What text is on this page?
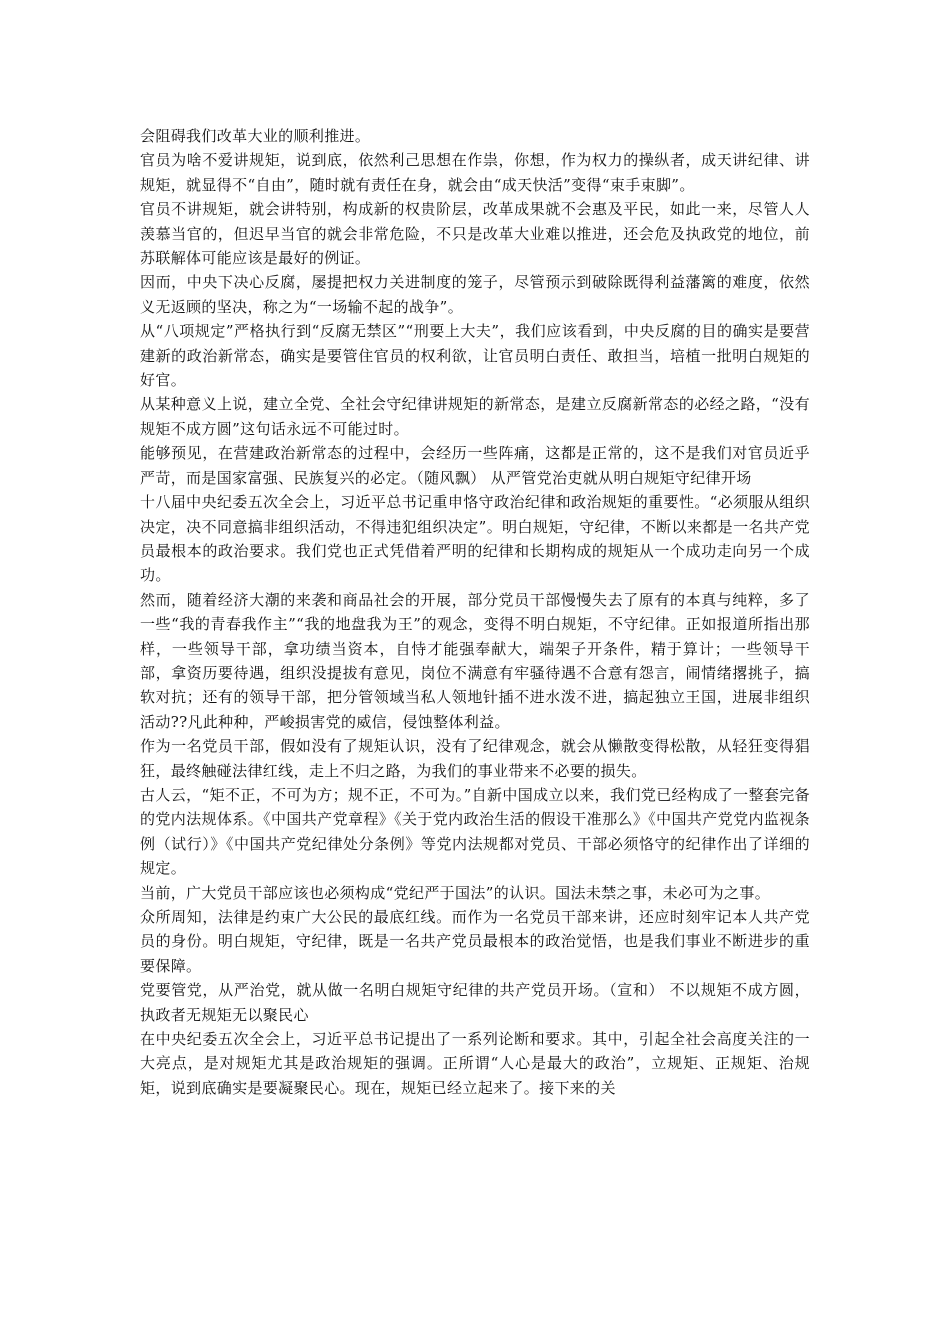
会阻碍我们改革大业的顺利推进。

官员为啥不爱讲规矩，说到底，依然利己思想在作祟，你想，作为权力的操纵者，成天讲纪律、讲规矩，就显得不“自由”，随时就有责任在身，就会由“成天快活”变得“束手束脚”。

官员不讲规矩，就会讲特别，构成新的权贵阶层，改革成果就不会惠及平民，如此一来，尽管人人羡慕当官的，但迟早当官的就会非常危险，不只是改革大业难以推进，还会危及执政党的地位，前苏联解体可能应该是最好的例证。

因而，中央下决心反腐，屡提把权力关进制度的笼子，尽管预示到破除既得利益藩篱的难度，依然义无返顾的坚决，称之为“一场输不起的战争”。

从“八项规定”严格执行到“反腐无禁区”“刑要上大夫”，我们应该看到，中央反腐的目的确实是要营建新的政治新常态，确实是要管住官员的权利欲，让官员明白责任、敢担当，培植一批明白规矩的好官。

从某种意义上说，建立全党、全社会守纪律讲规矩的新常态，是建立反腐新常态的必经之路，“没有规矩不成方圆”这句话永远不可能过时。

能够预见，在营建政治新常态的过程中，会经历一些阵痛，这都是正常的，这不是我们对官员近乎严苛，而是国家富强、民族复兴的必定。（随风飘） 从严管党治吏就从明白规矩守纪律开场

十八届中央纪委五次全会上，习近平总书记重申恪守政治纪律和政治规矩的重要性。“必须服从组织决定，决不同意搞非组织活动，不得违犯组织决定”。明白规矩，守纪律，不断以来都是一名共产党员最根本的政治要求。我们党也正式凭借着严明的纪律和长期构成的规矩从一个成功走向另一个成功。

然而，随着经济大潮的来袭和商品社会的开展，部分党员干部慢慢失去了原有的本真与纯粹，多了一些“我的青春我作主”“我的地盘我为王”的观念，变得不明白规矩，不守纪律。正如报道所指出那样，一些领导干部，拿功绩当资本，自恃才能强奉献大，端架子开条件，精于算计；一些领导干部，拿资历要待遇，组织没提拔有意见，岗位不满意有牢骚待遇不合意有怨言，闹情绪撂挑子，搞软对抗；还有的领导干部，把分管领域当私人领地针插不进水泼不进，搞起独立王国，进展非组织活动??凡此种种，严峻损害党的威信，侵蚀整体利益。

作为一名党员干部，假如没有了规矩认识，没有了纪律观念，就会从懒散变得松散，从轻狂变得猖狂，最终触碰法律红线，走上不归之路，为我们的事业带来不必要的损失。

古人云，“矩不正，不可为方；规不正，不可为。”自新中国成立以来，我们党已经构成了一整套完备的党内法规体系。《中国共产党章程》《关于党内政治生活的假设干准那么》《中国共产党党内监视条例（试行）》《中国共产党纪律处分条例》等党内法规都对党员、干部必须恪守的纪律作出了详细的规定。

当前，广大党员干部应该也必须构成“党纪严于国法”的认识。国法未禁之事，未必可为之事。

众所周知，法律是约束广大公民的最底红线。而作为一名党员干部来讲，还应时刻牢记本人共产党员的身份。明白规矩，守纪律，既是一名共产党员最根本的政治觉悟，也是我们事业不断进步的重要保障。

党要管党，从严治党，就从做一名明白规矩守纪律的共产党员开场。（宣和） 不以规矩不成方圆，执政者无规矩无以聚民心

在中央纪委五次全会上，习近平总书记提出了一系列论断和要求。其中，引起全社会高度关注的一大亮点，是对规矩尤其是政治规矩的强调。正所谓“人心是最大的政治”，立规矩、正规矩、治规矩，说到底确实是要凝聚民心。现在，规矩已经立起来了。接下来的关
